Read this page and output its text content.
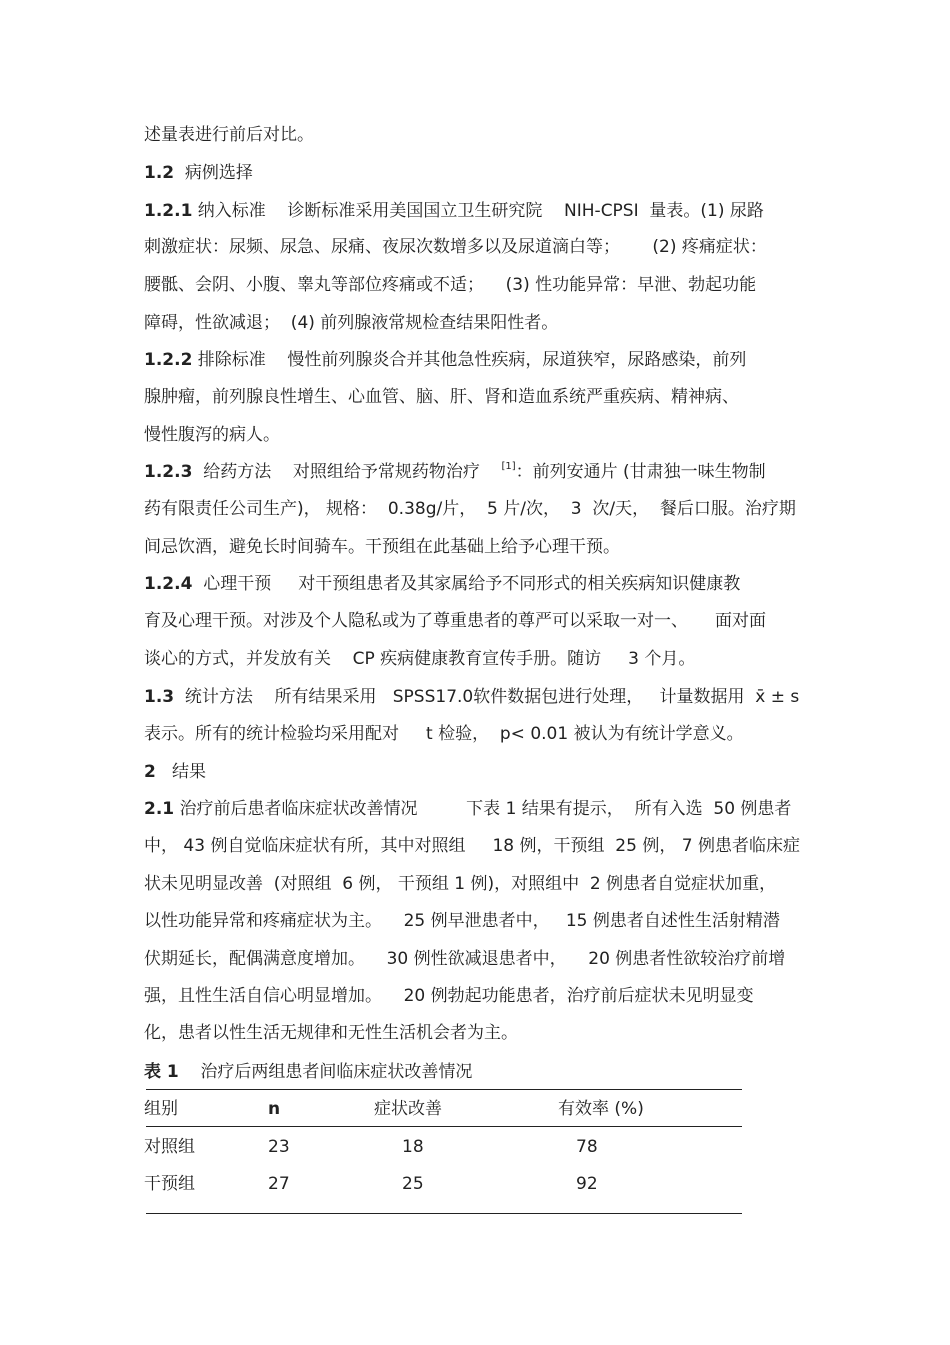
述量表进行前后对比。
1.2  病例选择
1.2.1 纳入标准    诊断标准采用美国国立卫生研究院    NIH-CPSI  量表。(1) 尿路
刺激症状：尿频、尿急、尿痛、夜尿次数增多以及尿道滴白等；      (2) 疼痛症状：
腰骶、会阴、小腹、睾丸等部位疼痛或不适；    (3) 性功能异常：早泄、勃起功能
障碍，性欲减退；  (4) 前列腺液常规检查结果阳性者。
1.2.2 排除标准    慢性前列腺炎合并其他急性疾病，尿道狭窄，尿路感染，前列
腺肿瘤，前列腺良性增生、心血管、脑、肝、肾和造血系统严重疾病、精神病、
慢性腹泻的病人。
1.2.3  给药方法    对照组给予常规药物治疗    [1]：前列安通片 (甘肃独一味生物制
药有限责任公司生产)， 规格：  0.38g/片，  5 片/次，  3  次/天，  餐后口服。治疗期
间忌饮酒，避免长时间骑车。干预组在此基础上给予心理干预。
1.2.4  心理干预     对干预组患者及其家属给予不同形式的相关疾病知识健康教
育及心理干预。对涉及个人隐私或为了尊重患者的尊严可以采取一对一、     面对面
谈心的方式，并发放有关    CP 疾病健康教育宣传手册。随访     3 个月。
1.3  统计方法    所有结果采用   SPSS17.0软件数据包进行处理，   计量数据用  x̄ ± s
表示。所有的统计检验均采用配对     t 检验，  p< 0.01 被认为有统计学意义。
2   结果
2.1 治疗前后患者临床症状改善情况         下表 1 结果有提示，  所有入选  50 例患者
中， 43 例自觉临床症状有所，其中对照组     18 例，干预组  25 例， 7 例患者临床症
状未见明显改善  (对照组  6 例， 干预组 1 例)，对照组中  2 例患者自觉症状加重，
以性功能异常和疼痛症状为主。    25 例早泄患者中，   15 例患者自述性生活射精潜
伏期延长，配偶满意度增加。    30 例性欲减退患者中，    20 例患者性欲较治疗前增
强，且性生活自信心明显增加。    20 例勃起功能患者，治疗前后症状未见明显变
化，患者以性生活无规律和无性生活机会者为主。
表 1    治疗后两组患者间临床症状改善情况
组别	n	症状改善	有效率 (%)
对照组	23	18	78
干预组	27	25	92
